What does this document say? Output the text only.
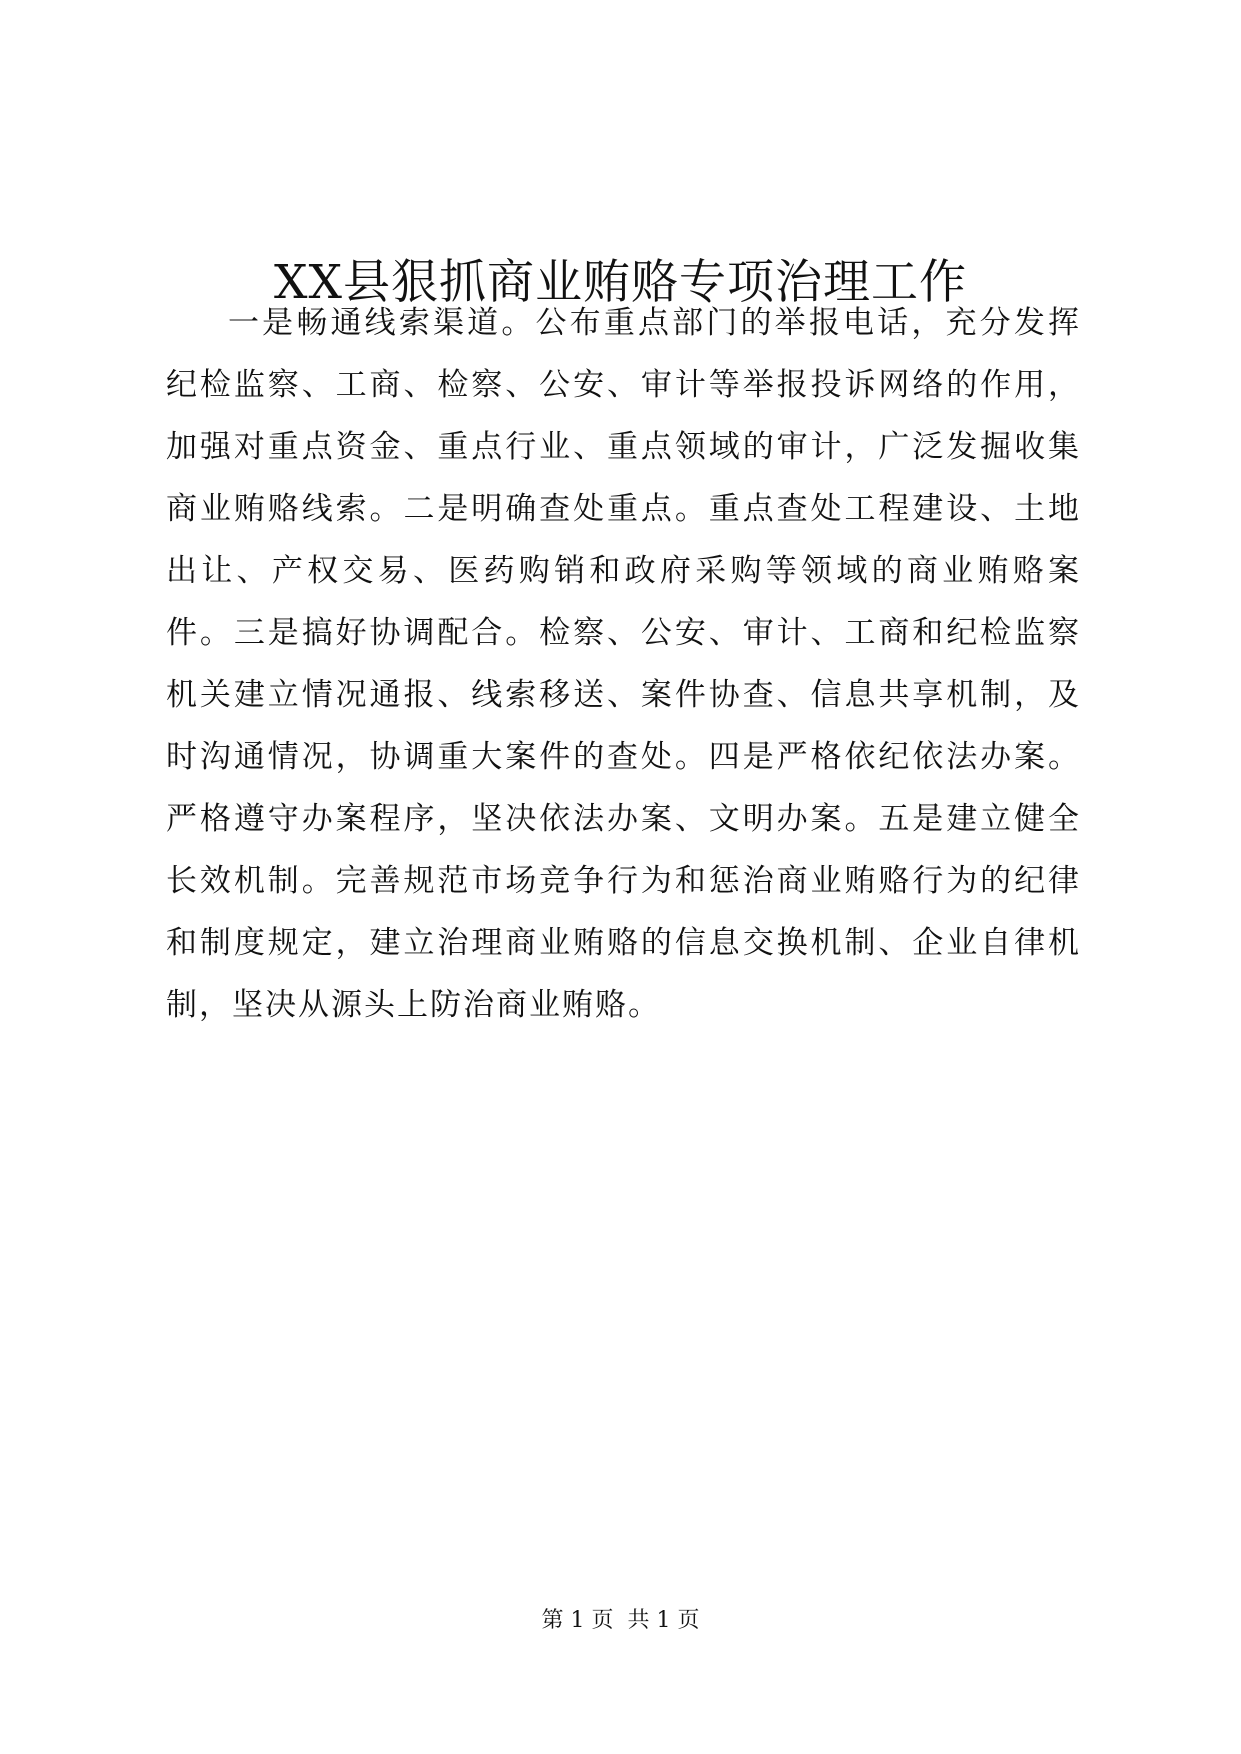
XX县狠抓商业贿赂专项治理工作

一是畅通线索渠道。公布重点部门的举报电话，充分发挥纪检监察、工商、检察、公安、审计等举报投诉网络的作用，加强对重点资金、重点行业、重点领域的审计，广泛发掘收集商业贿赂线索。二是明确查处重点。重点查处工程建设、土地出让、产权交易、医药购销和政府采购等领域的商业贿赂案件。三是搞好协调配合。检察、公安、审计、工商和纪检监察机关建立情况通报、线索移送、案件协查、信息共享机制，及时沟通情况，协调重大案件的查处。四是严格依纪依法办案。严格遵守办案程序，坚决依法办案、文明办案。五是建立健全长效机制。完善规范市场竞争行为和惩治商业贿赂行为的纪律和制度规定，建立治理商业贿赂的信息交换机制、企业自律机制，坚决从源头上防治商业贿赂。

第 1 页  共 1 页
